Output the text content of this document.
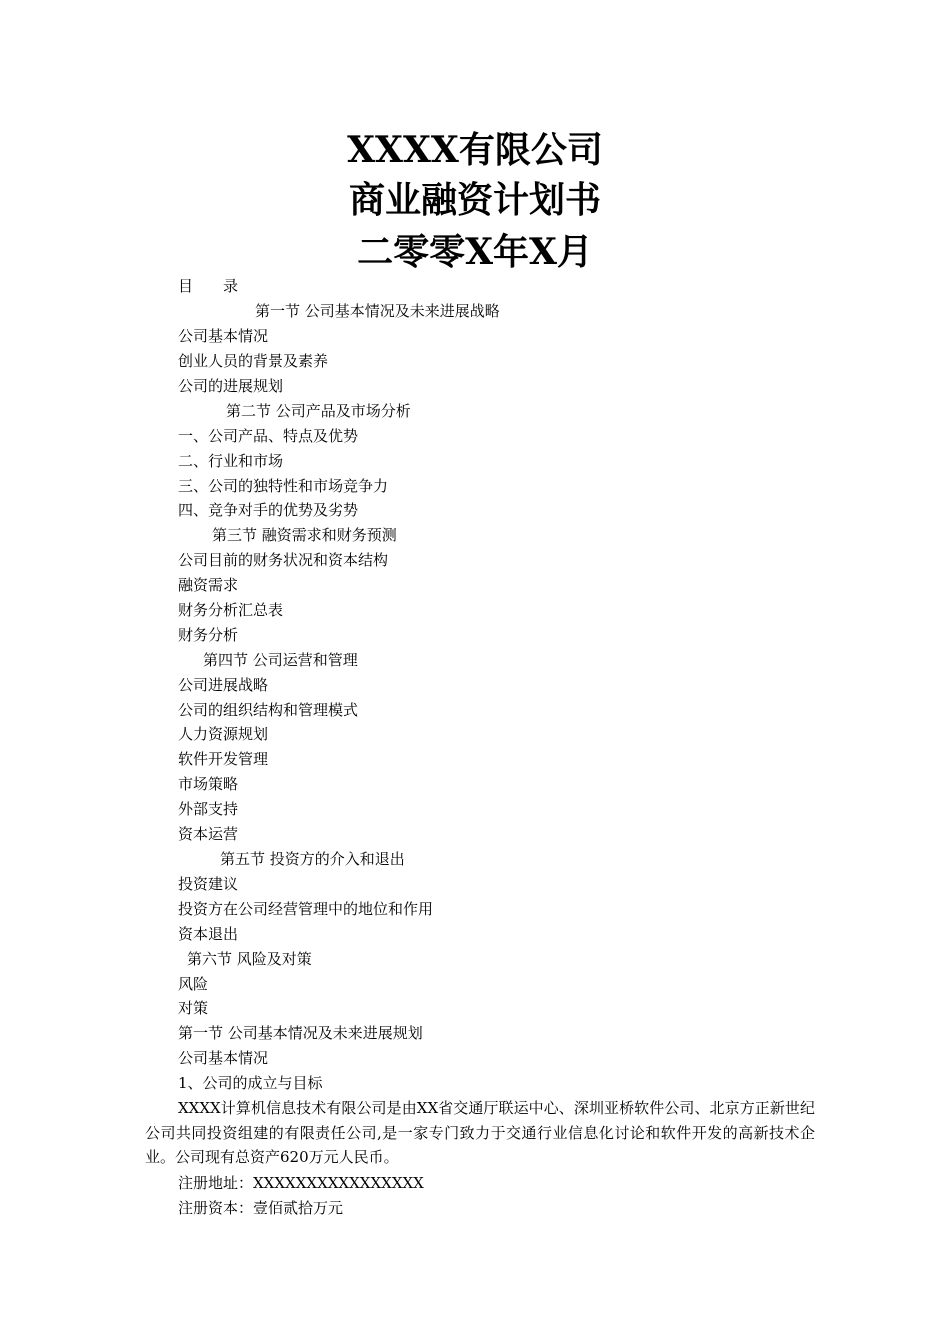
XXXX有限公司
商业融资计划书
二零零X年X月
目　　录
第一节 公司基本情况及未来进展战略
公司基本情况
创业人员的背景及素养
公司的进展规划
第二节 公司产品及市场分析
一、公司产品、特点及优势
二、行业和市场
三、公司的独特性和市场竞争力
四、竞争对手的优势及劣势
第三节 融资需求和财务预测
公司目前的财务状况和资本结构
融资需求
财务分析汇总表
财务分析
第四节 公司运营和管理
公司进展战略
公司的组织结构和管理模式
人力资源规划
软件开发管理
市场策略
外部支持
资本运营
第五节 投资方的介入和退出
投资建议
投资方在公司经营管理中的地位和作用
资本退出
第六节 风险及对策
风险
对策
第一节 公司基本情况及未来进展规划
公司基本情况
1、公司的成立与目标
XXXX计算机信息技术有限公司是由XX省交通厅联运中心、深圳亚桥软件公司、北京方正新世纪公司共同投资组建的有限责任公司,是一家专门致力于交通行业信息化讨论和软件开发的高新技术企业。公司现有总资产620万元人民币。
注册地址：XXXXXXXXXXXXXXXX
注册资本：壹佰贰拾万元
